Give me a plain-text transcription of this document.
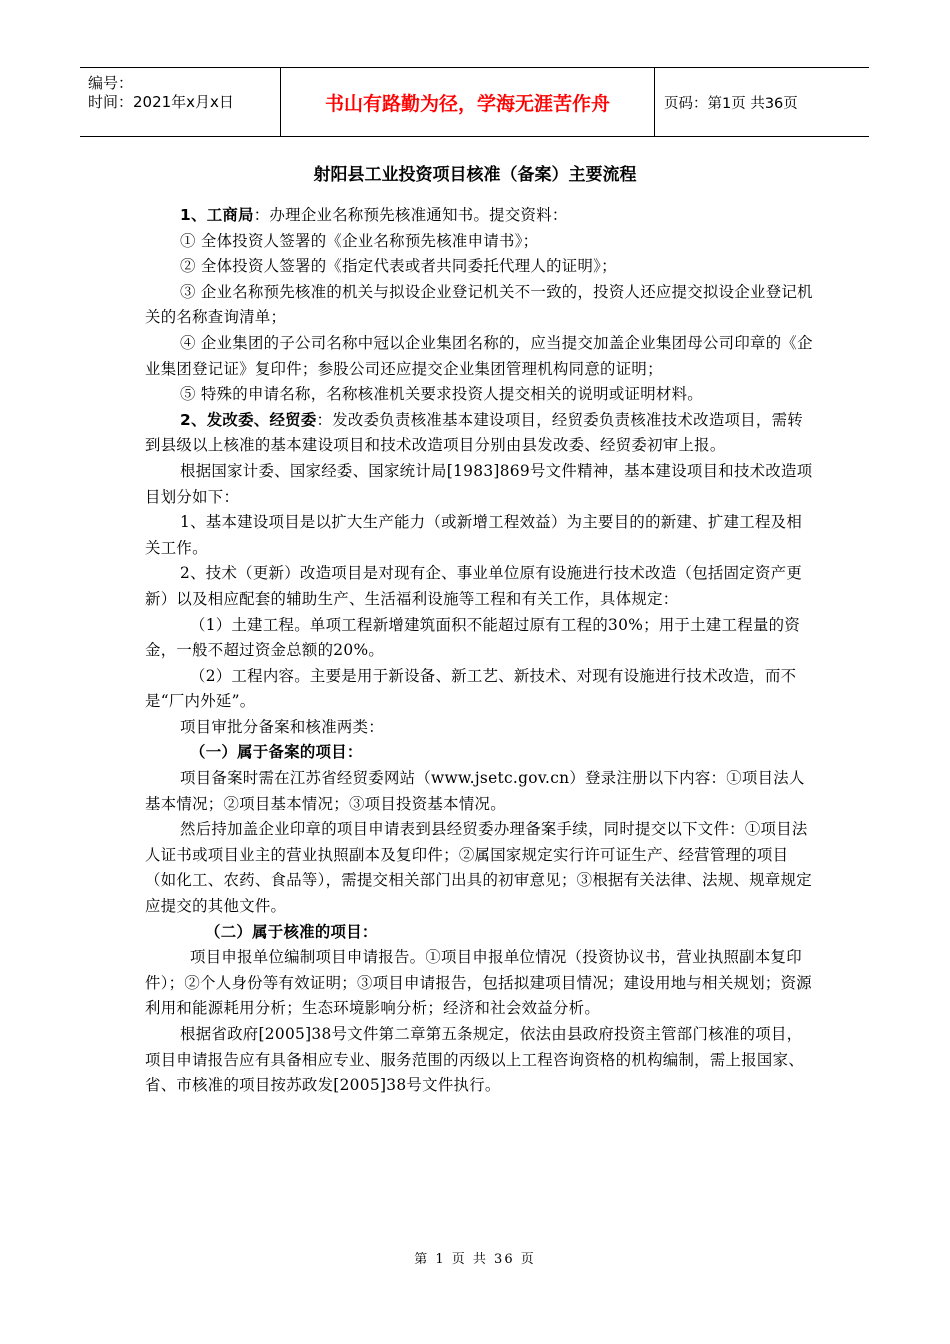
编号：
时间：2021年x月x日	书山有路勤为径，学海无涯苦作舟	页码：第1页 共36页
射阳县工业投资项目核准（备案）主要流程

1、工商局：办理企业名称预先核准通知书。提交资料：

① 全体投资人签署的《企业名称预先核准申请书》；

② 全体投资人签署的《指定代表或者共同委托代理人的证明》；

③ 企业名称预先核准的机关与拟设企业登记机关不一致的，投资人还应提交拟设企业登记机关的名称查询清单；

④ 企业集团的子公司名称中冠以企业集团名称的，应当提交加盖企业集团母公司印章的《企业集团登记证》复印件；参股公司还应提交企业集团管理机构同意的证明；

⑤ 特殊的申请名称，名称核准机关要求投资人提交相关的说明或证明材料。

2、发改委、经贸委：发改委负责核准基本建设项目，经贸委负责核准技术改造项目，需转到县级以上核准的基本建设项目和技术改造项目分别由县发改委、经贸委初审上报。

根据国家计委、国家经委、国家统计局[1983]869号文件精神，基本建设项目和技术改造项目划分如下：

1、基本建设项目是以扩大生产能力（或新增工程效益）为主要目的的新建、扩建工程及相关工作。

2、技术（更新）改造项目是对现有企、事业单位原有设施进行技术改造（包括固定资产更新）以及相应配套的辅助生产、生活福利设施等工程和有关工作，具体规定：

（1）土建工程。单项工程新增建筑面积不能超过原有工程的30%；用于土建工程量的资金，一般不超过资金总额的20%。

（2）工程内容。主要是用于新设备、新工艺、新技术、对现有设施进行技术改造，而不是“厂内外延”。

项目审批分备案和核准两类：

（一）属于备案的项目：

项目备案时需在江苏省经贸委网站（www.jsetc.gov.cn）登录注册以下内容：①项目法人基本情况；②项目基本情况；③项目投资基本情况。

然后持加盖企业印章的项目申请表到县经贸委办理备案手续，同时提交以下文件：①项目法人证书或项目业主的营业执照副本及复印件；②属国家规定实行许可证生产、经营管理的项目（如化工、农药、食品等），需提交相关部门出具的初审意见；③根据有关法律、法规、规章规定应提交的其他文件。

（二）属于核准的项目：

项目申报单位编制项目申请报告。①项目申报单位情况（投资协议书，营业执照副本复印件）；②个人身份等有效证明；③项目申请报告，包括拟建项目情况；建设用地与相关规划；资源利用和能源耗用分析；生态环境影响分析；经济和社会效益分析。

根据省政府[2005]38号文件第二章第五条规定，依法由县政府投资主管部门核准的项目，项目申请报告应有具备相应专业、服务范围的丙级以上工程咨询资格的机构编制，需上报国家、省、市核准的项目按苏政发[2005]38号文件执行。

第 1 页 共 36 页
